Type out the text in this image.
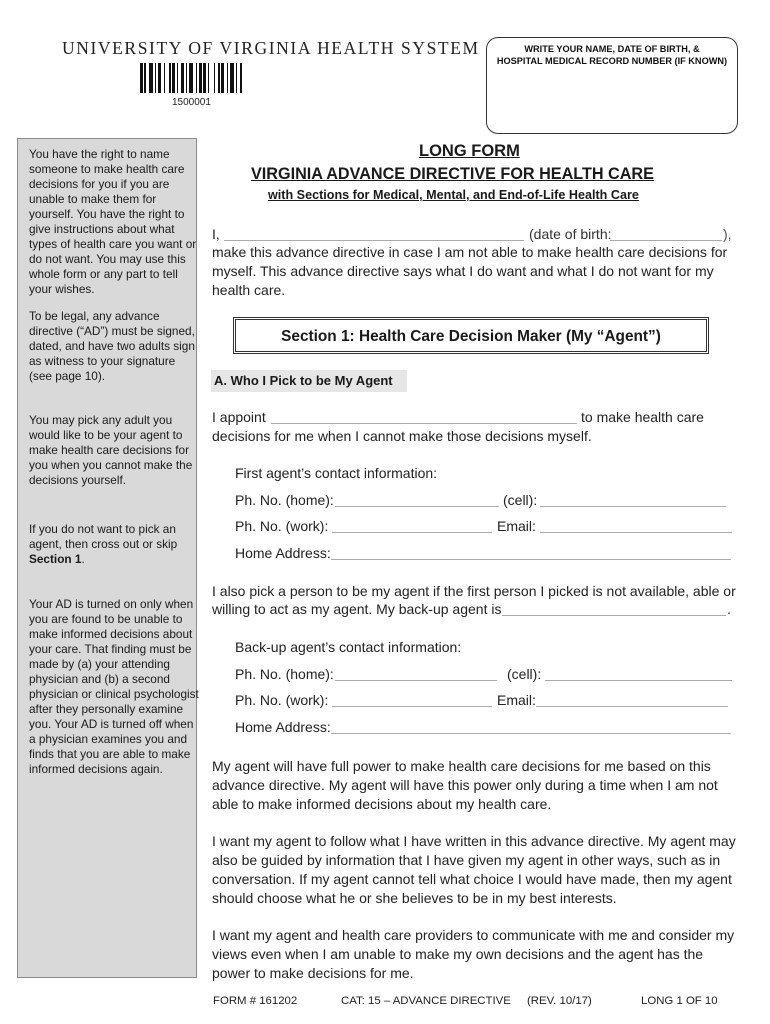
UNIVERSITY OF VIRGINIA HEALTH SYSTEM
1500001
WRITE YOUR NAME, DATE OF BIRTH, &
HOSPITAL MEDICAL RECORD NUMBER (IF KNOWN)
You have the right to name someone to make health care decisions for you if you are unable to make them for yourself. You have the right to give instructions about what types of health care you want or do not want. You may use this whole form or any part to tell your wishes.
To be legal, any advance directive (“AD”) must be signed, dated, and have two adults sign as witness to your signature (see page 10).
You may pick any adult you would like to be your agent to make health care decisions for you when you cannot make the decisions yourself.
If you do not want to pick an agent, then cross out or skip Section 1.
Your AD is turned on only when you are found to be unable to make informed decisions about your care. That finding must be made by (a) your attending physician and (b) a second physician or clinical psychologist after they personally examine you. Your AD is turned off when a physician examines you and finds that you are able to make informed decisions again.
LONG FORM
VIRGINIA ADVANCE DIRECTIVE FOR HEALTH CARE
with Sections for Medical, Mental, and End-of-Life Health Care
I,	(date of birth:	),
make this advance directive in case I am not able to make health care decisions for myself. This advance directive says what I do want and what I do not want for my health care.
Section 1: Health Care Decision Maker (My “Agent”)
A. Who I Pick to be My Agent
I appoint	to make health care
decisions for me when I cannot make those decisions myself.
First agent’s contact information:
Ph. No. (home):	(cell):
Ph. No. (work):	Email:
Home Address:
I also pick a person to be my agent if the first person I picked is not available, able or
willing to act as my agent. My back-up agent is	.
Back-up agent’s contact information:
Ph. No. (home):	(cell):
Ph. No. (work):	Email:
Home Address:
My agent will have full power to make health care decisions for me based on this advance directive. My agent will have this power only during a time when I am not able to make informed decisions about my health care.
I want my agent to follow what I have written in this advance directive. My agent may also be guided by information that I have given my agent in other ways, such as in conversation. If my agent cannot tell what choice I would have made, then my agent should choose what he or she believes to be in my best interests.
I want my agent and health care providers to communicate with me and consider my views even when I am unable to make my own decisions and the agent has the power to make decisions for me.
FORM # 161202	CAT: 15 – ADVANCE DIRECTIVE (REV. 10/17)	LONG 1 OF 10
